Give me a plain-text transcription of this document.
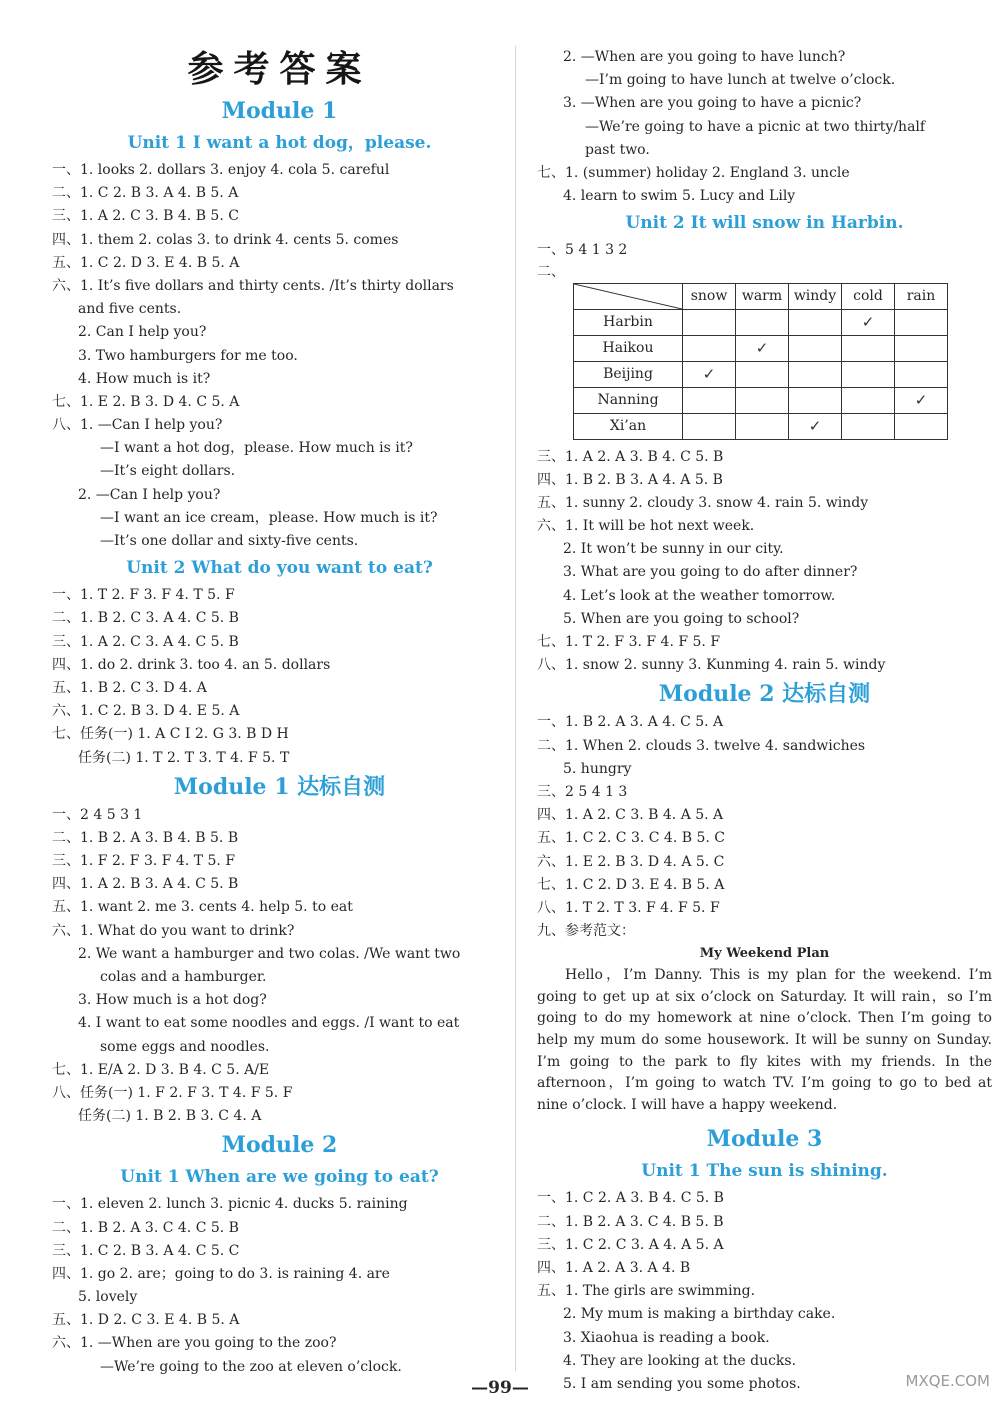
参考答案
Module 1
Unit 1 I want a hot dog，please.
一、1. looks 2. dollars 3. enjoy 4. cola 5. careful
二、1. C 2. B 3. A 4. B 5. A
三、1. A 2. C 3. B 4. B 5. C
四、1. them 2. colas 3. to drink 4. cents 5. comes
五、1. C 2. D 3. E 4. B 5. A
六、1. It’s five dollars and thirty cents. /It’s thirty dollars
and five cents.
2. Can I help you?
3. Two hamburgers for me too.
4. How much is it?
七、1. E 2. B 3. D 4. C 5. A
八、1. —Can I help you?
—I want a hot dog，please. How much is it?
—It’s eight dollars.
2. —Can I help you?
—I want an ice cream，please. How much is it?
—It’s one dollar and sixty-five cents.
Unit 2 What do you want to eat?
一、1. T 2. F 3. F 4. T 5. F
二、1. B 2. C 3. A 4. C 5. B
三、1. A 2. C 3. A 4. C 5. B
四、1. do 2. drink 3. too 4. an 5. dollars
五、1. B 2. C 3. D 4. A
六、1. C 2. B 3. D 4. E 5. A
七、任务(一) 1. A C I 2. G 3. B D H
任务(二) 1. T 2. T 3. T 4. F 5. T
Module 1 达标自测
一、2 4 5 3 1
二、1. B 2. A 3. B 4. B 5. B
三、1. F 2. F 3. F 4. T 5. F
四、1. A 2. B 3. A 4. C 5. B
五、1. want 2. me 3. cents 4. help 5. to eat
六、1. What do you want to drink?
2. We want a hamburger and two colas. /We want two
colas and a hamburger.
3. How much is a hot dog?
4. I want to eat some noodles and eggs. /I want to eat
some eggs and noodles.
七、1. E/A 2. D 3. B 4. C 5. A/E
八、任务(一) 1. F 2. F 3. T 4. F 5. F
任务(二) 1. B 2. B 3. C 4. A
Module 2
Unit 1 When are we going to eat?
一、1. eleven 2. lunch 3. picnic 4. ducks 5. raining
二、1. B 2. A 3. C 4. C 5. B
三、1. C 2. B 3. A 4. C 5. C
四、1. go 2. are；going to do 3. is raining 4. are
5. lovely
五、1. D 2. C 3. E 4. B 5. A
六、1. —When are you going to the zoo?
—We’re going to the zoo at eleven o’clock.
2. —When are you going to have lunch?
—I’m going to have lunch at twelve o’clock.
3. —When are you going to have a picnic?
—We’re going to have a picnic at two thirty/half
past two.
七、1. (summer) holiday 2. England 3. uncle
4. learn to swim 5. Lucy and Lily
Unit 2 It will snow in Harbin.
一、5 4 1 3 2
二、
	snow	warm	windy	cold	rain
Harbin				✓	
Haikou		✓			
Beijing	✓				
Nanning					✓
Xi’an			✓		
三、1. A 2. A 3. B 4. C 5. B
四、1. B 2. B 3. A 4. A 5. B
五、1. sunny 2. cloudy 3. snow 4. rain 5. windy
六、1. It will be hot next week.
2. It won’t be sunny in our city.
3. What are you going to do after dinner?
4. Let’s look at the weather tomorrow.
5. When are you going to school?
七、1. T 2. F 3. F 4. F 5. F
八、1. snow 2. sunny 3. Kunming 4. rain 5. windy
Module 2 达标自测
一、1. B 2. A 3. A 4. C 5. A
二、1. When 2. clouds 3. twelve 4. sandwiches
5. hungry
三、2 5 4 1 3
四、1. A 2. C 3. B 4. A 5. A
五、1. C 2. C 3. C 4. B 5. C
六、1. E 2. B 3. D 4. A 5. C
七、1. C 2. D 3. E 4. B 5. A
八、1. T 2. T 3. F 4. F 5. F
九、参考范文：
My Weekend Plan
Hello，I’m Danny. This is my plan for the weekend. I’m going to get up at six o’clock on Saturday. It will rain，so I’m going to do my homework at nine o’clock. Then I’m going to help my mum do some housework. It will be sunny on Sunday. I’m going to the park to fly kites with my friends. In the afternoon，I’m going to watch TV. I’m going to go to bed at nine o’clock. I will have a happy weekend.
Module 3
Unit 1 The sun is shining.
一、1. C 2. A 3. B 4. C 5. B
二、1. B 2. A 3. C 4. B 5. B
三、1. C 2. C 3. A 4. A 5. A
四、1. A 2. A 3. A 4. B
五、1. The girls are swimming.
2. My mum is making a birthday cake.
3. Xiaohua is reading a book.
4. They are looking at the ducks.
5. I am sending you some photos.
—99—	MXQE.COM
